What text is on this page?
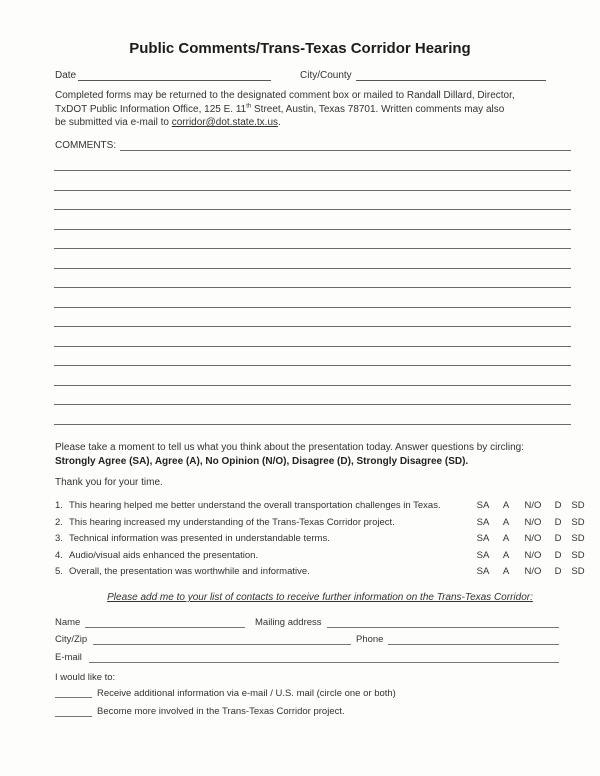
Public Comments/Trans-Texas Corridor Hearing
Date	City/County
Completed forms may be returned to the designated comment box or mailed to Randall Dillard, Director,
TxDOT Public Information Office, 125 E. 11th Street, Austin, Texas 78701. Written comments may also
be submitted via e-mail to corridor@dot.state.tx.us.
COMMENTS:
Please take a moment to tell us what you think about the presentation today. Answer questions by circling:
Strongly Agree (SA), Agree (A), No Opinion (N/O), Disagree (D), Strongly Disagree (SD).
Thank you for your time.
1. This hearing helped me better understand the overall transportation challenges in Texas.	SA	A	N/O	D	SD
2. This hearing increased my understanding of the Trans-Texas Corridor project.	SA	A	N/O	D	SD
3. Technical information was presented in understandable terms.	SA	A	N/O	D	SD
4. Audio/visual aids enhanced the presentation.	SA	A	N/O	D	SD
5. Overall, the presentation was worthwhile and informative.	SA	A	N/O	D	SD
Please add me to your list of contacts to receive further information on the Trans-Texas Corridor:
Name	Mailing address
City/Zip	Phone
E-mail
I would like to:
Receive additional information via e-mail / U.S. mail (circle one or both)
Become more involved in the Trans-Texas Corridor project.
